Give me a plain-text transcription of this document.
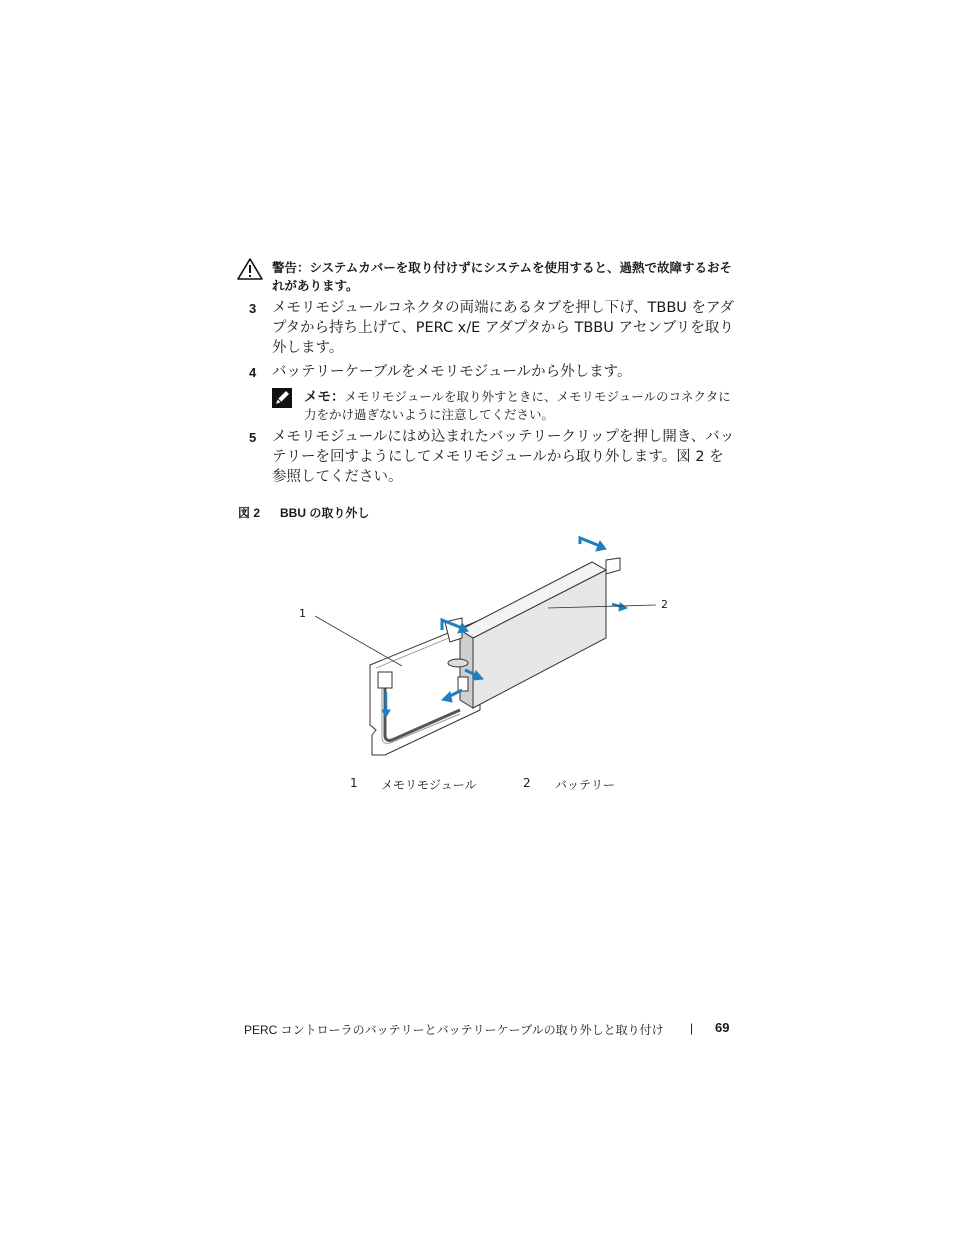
警告：システムカバーを取り付けずにシステムを使用すると、過熱で故障するおそれがあります。
3 メモリモジュールコネクタの両端にあるタブを押し下げ、TBBU をアダプタから持ち上げて、PERC x/E アダプタから TBBU アセンブリを取り外します。
4 バッテリーケーブルをメモリモジュールから外します。
メモ：メモリモジュールを取り外すときに、メモリモジュールのコネクタに力をかけ過ぎないように注意してください。
5 メモリモジュールにはめ込まれたバッテリークリップを押し開き、バッテリーを回すようにしてメモリモジュールから取り外します。図 2 を参照してください。
図 2 BBU の取り外し
1
2
1 メモリモジュール	2 バッテリー
PERC コントローラのバッテリーとバッテリーケーブルの取り外しと取り付け | 69
